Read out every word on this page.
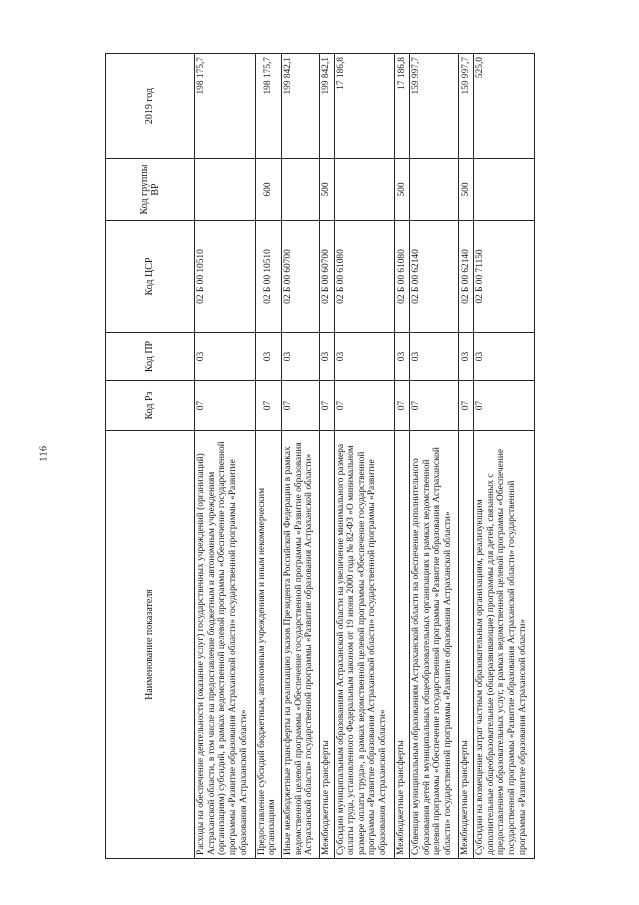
116
Наименование показателя	Код Рз	Код ПР	Код ЦСР	Код группы ВР	2019 год
Расходы на обеспечение деятельности (оказание услуг) государственных учреждений (организаций) Астраханской области, в том числе на предоставление бюджетным и автономным учреждениям (организациям) субсидий, в рамках ведомственной целевой программы «Обеспечение государственной программы «Развитие образования Астраханской области» государственной программы «Развитие образования Астраханской области»	07	03	02 Б 00 10510		198 175,7
Предоставление субсидий бюджетным, автономным учреждениям и иным некоммерческим организациям	07	03	02 Б 00 10510	600	198 175,7
Иные межбюджетные трансферты на реализацию указов Президента Российской Федерации в рамках ведомственной целевой программы «Обеспечение государственной программы «Развитие образования Астраханской области» государственной программы «Развитие образования Астраханской области»	07	03	02 Б 00 60700		199 842,1
Межбюджетные трансферты	07	03	02 Б 00 60700	500	199 842,1
Субсидии муниципальным образованиям Астраханской области на увеличение минимального размера оплаты труда, установленного Федеральным законом от 19 июня 2000 года № 82-ФЗ «О минимальном размере оплаты труда», в рамках ведомственной целевой программы «Обеспечение государственной программы «Развитие образования Астраханской области» государственной программы «Развитие образования Астраханской области»	07	03	02 Б 00 61080		17 186,8
Межбюджетные трансферты	07	03	02 Б 00 61080	500	17 186,8
Субвенции муниципальным образованиям Астраханской области на обеспечение дополнительного образования детей в муниципальных общеобразовательных организациях в рамках ведомственной целевой программы «Обеспечение государственной программы «Развитие образования Астраханской области» государственной программы «Развитие образования Астраханской области»	07	03	02 Б 00 62140		159 997,7
Межбюджетные трансферты	07	03	02 Б 00 62140	500	159 997,7
Субсидии на возмещение затрат частным образовательным организациям, реализующим дополнительные общеобразовательные (общеразвивающие) программы для детей, связанных с предоставлением образовательных услуг, в рамках ведомственной целевой программы «Обеспечение государственной программы «Развитие образования Астраханской области» государственной программы «Развитие образования Астраханской области»	07	03	02 Б 00 71150		525,0
